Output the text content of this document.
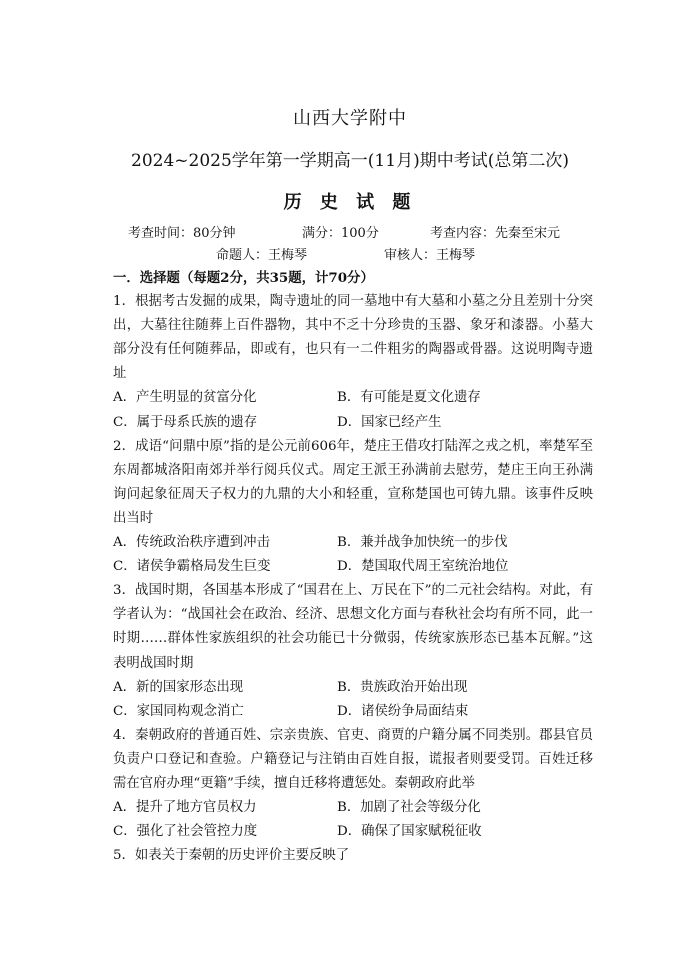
山西大学附中
2024~2025学年第一学期高一(11月)期中考试(总第二次)
历 史 试 题
考查时间：80分钟	满分：100分	考查内容：先秦至宋元
命题人：王梅琴	审核人：王梅琴
一．选择题（每题2分，共35题，计70分）
1．根据考古发掘的成果，陶寺遗址的同一墓地中有大墓和小墓之分且差别十分突出，大墓往往随葬上百件器物，其中不乏十分珍贵的玉器、象牙和漆器。小墓大部分没有任何随葬品，即或有，也只有一二件粗劣的陶器或骨器。这说明陶寺遗址
A．产生明显的贫富分化	B．有可能是夏文化遗存
C．属于母系氏族的遗存	D．国家已经产生
2．成语“问鼎中原”指的是公元前606年，楚庄王借攻打陆浑之戎之机，率楚军至东周都城洛阳南郊并举行阅兵仪式。周定王派王孙满前去慰劳，楚庄王向王孙满询问起象征周天子权力的九鼎的大小和轻重，宣称楚国也可铸九鼎。该事件反映出当时
A．传统政治秩序遭到冲击	B．兼并战争加快统一的步伐
C．诸侯争霸格局发生巨变	D．楚国取代周王室统治地位
3．战国时期，各国基本形成了“国君在上、万民在下”的二元社会结构。对此，有学者认为：“战国社会在政治、经济、思想文化方面与春秋社会均有所不同，此一时期……群体性家族组织的社会功能已十分微弱，传统家族形态已基本瓦解。”这表明战国时期
A．新的国家形态出现	B．贵族政治开始出现
C．家国同构观念消亡	D．诸侯纷争局面结束
4．秦朝政府的普通百姓、宗亲贵族、官吏、商贾的户籍分属不同类别。郡县官员负责户口登记和查验。户籍登记与注销由百姓自报，谎报者则要受罚。百姓迁移需在官府办理“更籍”手续，擅自迁移将遭惩处。秦朝政府此举
A．提升了地方官员权力	B．加剧了社会等级分化
C．强化了社会管控力度	D．确保了国家赋税征收
5．如表关于秦朝的历史评价主要反映了
